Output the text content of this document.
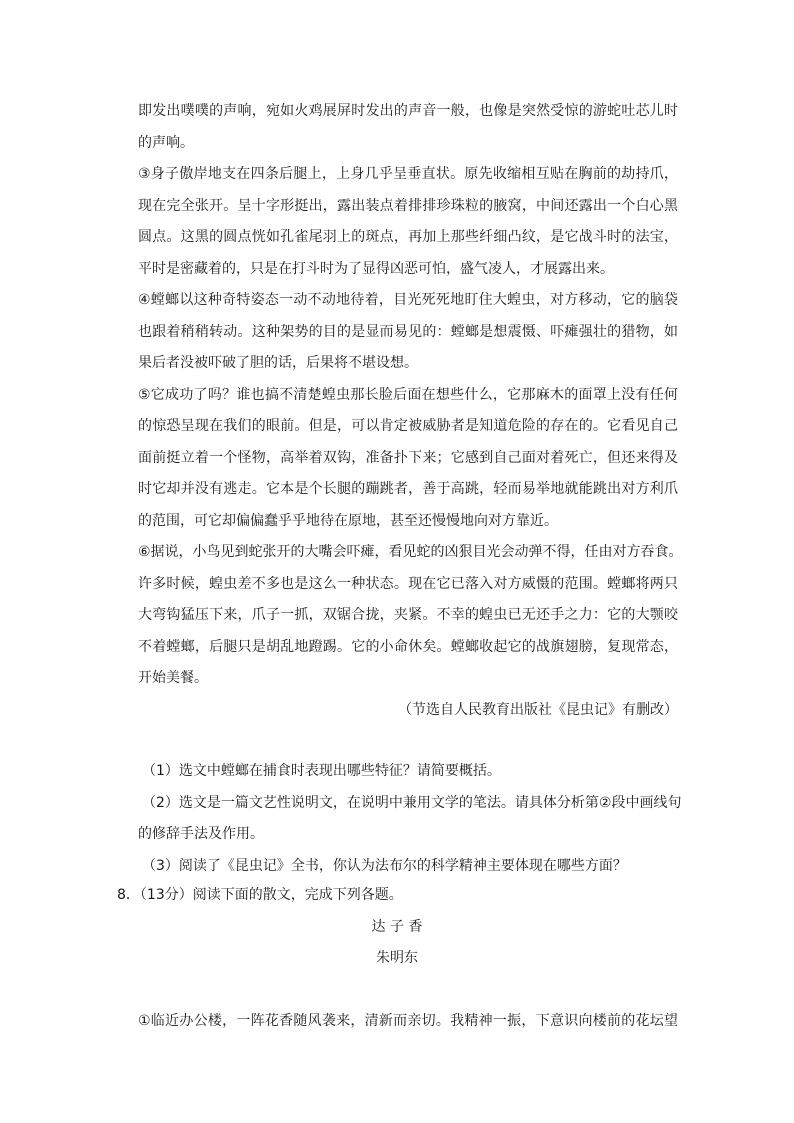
即发出噗噗的声响，宛如火鸡展屏时发出的声音一般，也像是突然受惊的游蛇吐芯儿时
的声响。
③身子傲岸地支在四条后腿上，上身几乎呈垂直状。原先收缩相互贴在胸前的劫持爪，
现在完全张开。呈十字形挺出，露出装点着排排珍珠粒的腋窝，中间还露出一个白心黑
圆点。这黑的圆点恍如孔雀尾羽上的斑点，再加上那些纤细凸纹，是它战斗时的法宝，
平时是密藏着的，只是在打斗时为了显得凶恶可怕，盛气凌人，才展露出来。
④螳螂以这种奇特姿态一动不动地待着，目光死死地盯住大蝗虫，对方移动，它的脑袋
也跟着稍稍转动。这种架势的目的是显而易见的：螳螂是想震慑、吓瘫强壮的猎物，如
果后者没被吓破了胆的话，后果将不堪设想。
⑤它成功了吗？谁也搞不清楚蝗虫那长脸后面在想些什么，它那麻木的面罩上没有任何
的惊恐呈现在我们的眼前。但是，可以肯定被威胁者是知道危险的存在的。它看见自己
面前挺立着一个怪物，高举着双钩，准备扑下来；它感到自己面对着死亡，但还来得及
时它却并没有逃走。它本是个长腿的蹦跳者，善于高跳，轻而易举地就能跳出对方利爪
的范围，可它却偏偏蠢乎乎地待在原地，甚至还慢慢地向对方靠近。
⑥据说，小鸟见到蛇张开的大嘴会吓瘫，看见蛇的凶狠目光会动弹不得，任由对方吞食。
许多时候，蝗虫差不多也是这么一种状态。现在它已落入对方威慑的范围。螳螂将两只
大弯钩猛压下来，爪子一抓，双锯合拢，夹紧。不幸的蝗虫已无还手之力：它的大颚咬
不着螳螂，后腿只是胡乱地蹬踢。它的小命休矣。螳螂收起它的战旗翅膀，复现常态，
开始美餐。
（节选自人民教育出版社《昆虫记》有删改）
（1）选文中螳螂在捕食时表现出哪些特征？请简要概括。
（2）选文是一篇文艺性说明文，在说明中兼用文学的笔法。请具体分析第②段中画线句
的修辞手法及作用。
（3）阅读了《昆虫记》全书，你认为法布尔的科学精神主要体现在哪些方面？
8．（13分）阅读下面的散文，完成下列各题。
达 子 香
朱明东
①临近办公楼，一阵花香随风袭来，清新而亲切。我精神一振，下意识向楼前的花坛望
